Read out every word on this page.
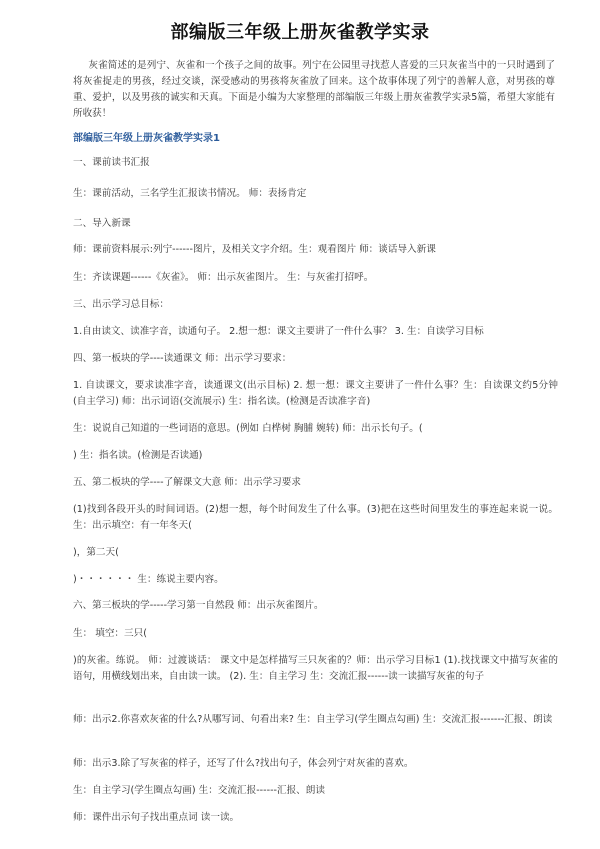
部编版三年级上册灰雀教学实录
灰雀简述的是列宁、灰雀和一个孩子之间的故事。列宁在公园里寻找惹人喜爱的三只灰雀当中的一只时遇到了将灰雀捉走的男孩，经过交谈，深受感动的男孩将灰雀放了回来。这个故事体现了列宁的善解人意，对男孩的尊重、爱护，以及男孩的诚实和天真。下面是小编为大家整理的部编版三年级上册灰雀教学实录5篇，希望大家能有所收获！
部编版三年级上册灰雀教学实录1
一、课前读书汇报
生：课前活动，三名学生汇报读书情况。 师：表扬肯定
二、导入新课
师：课前资料展示:列宁------图片，及相关文字介绍。生：观看图片 师：谈话导入新课
生：齐读课题------《灰雀》。 师：出示灰雀图片。 生：与灰雀打招呼。
三、出示学习总目标：
1.自由读文、读准字音，读通句子。 2.想一想：课文主要讲了一件什么事？ 3. 生：自读学习目标
四、第一板块的学----读通课文 师：出示学习要求：
1. 自读课文，要求读准字音，读通课文(出示目标) 2. 想一想：课文主要讲了一件什么事？生：自读课文约5分钟 (自主学习) 师：出示词语(交流展示) 生：指名读。(检测是否读准字音)
生：说说自己知道的一些词语的意思。(例如 白桦树 胸脯 婉转) 师：出示长句子。(
) 生：指名读。(检测是否读通)
五、第二板块的学----了解课文大意 师：出示学习要求
(1)找到各段开头的时间词语。(2)想一想，每个时间发生了什么事。(3)把在这些时间里发生的事连起来说一说。生：出示填空：有一年冬天(
)，第二天(
)・・・・・・ 生：练说主要内容。
六、第三板块的学-----学习第一自然段 师：出示灰雀图片。
生： 填空：三只(
)的灰雀。练说。 师：过渡谈话： 课文中是怎样描写三只灰雀的？师：出示学习目标1 (1).找找课文中描写灰雀的语句，用横线划出来，自由读一读。 (2). 生：自主学习 生：交流汇报------读一读描写灰雀的句子
师：出示2.你喜欢灰雀的什么?从哪写词、句看出来? 生：自主学习(学生圈点勾画) 生：交流汇报-------汇报、朗读
师：出示3.除了写灰雀的样子，还写了什么?找出句子，体会列宁对灰雀的喜欢。
生：自主学习(学生圈点勾画) 生：交流汇报------汇报、朗读
师：课件出示句子找出重点词 读一读。
